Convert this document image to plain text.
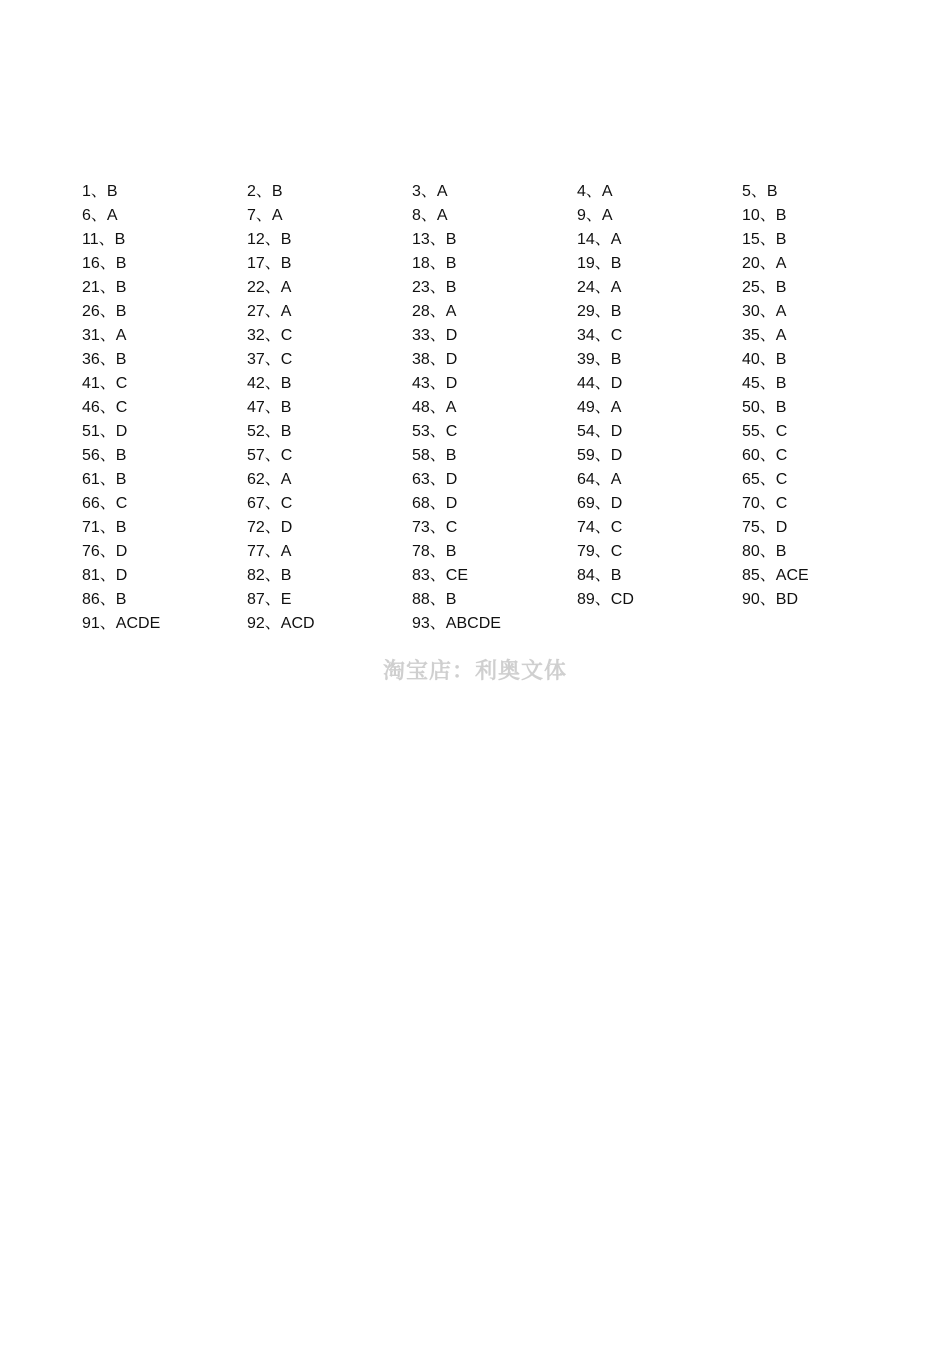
1、B	2、B	3、A	4、A	5、B
6、A	7、A	8、A	9、A	10、B
11、B	12、B	13、B	14、A	15、B
16、B	17、B	18、B	19、B	20、A
21、B	22、A	23、B	24、A	25、B
26、B	27、A	28、A	29、B	30、A
31、A	32、C	33、D	34、C	35、A
36、B	37、C	38、D	39、B	40、B
41、C	42、B	43、D	44、D	45、B
46、C	47、B	48、A	49、A	50、B
51、D	52、B	53、C	54、D	55、C
56、B	57、C	58、B	59、D	60、C
61、B	62、A	63、D	64、A	65、C
66、C	67、C	68、D	69、D	70、C
71、B	72、D	73、C	74、C	75、D
76、D	77、A	78、B	79、C	80、B
81、D	82、B	83、CE	84、B	85、ACE
86、B	87、E	88、B	89、CD	90、BD
91、ACDE	92、ACD	93、ABCDE
淘宝店：利奥文体
